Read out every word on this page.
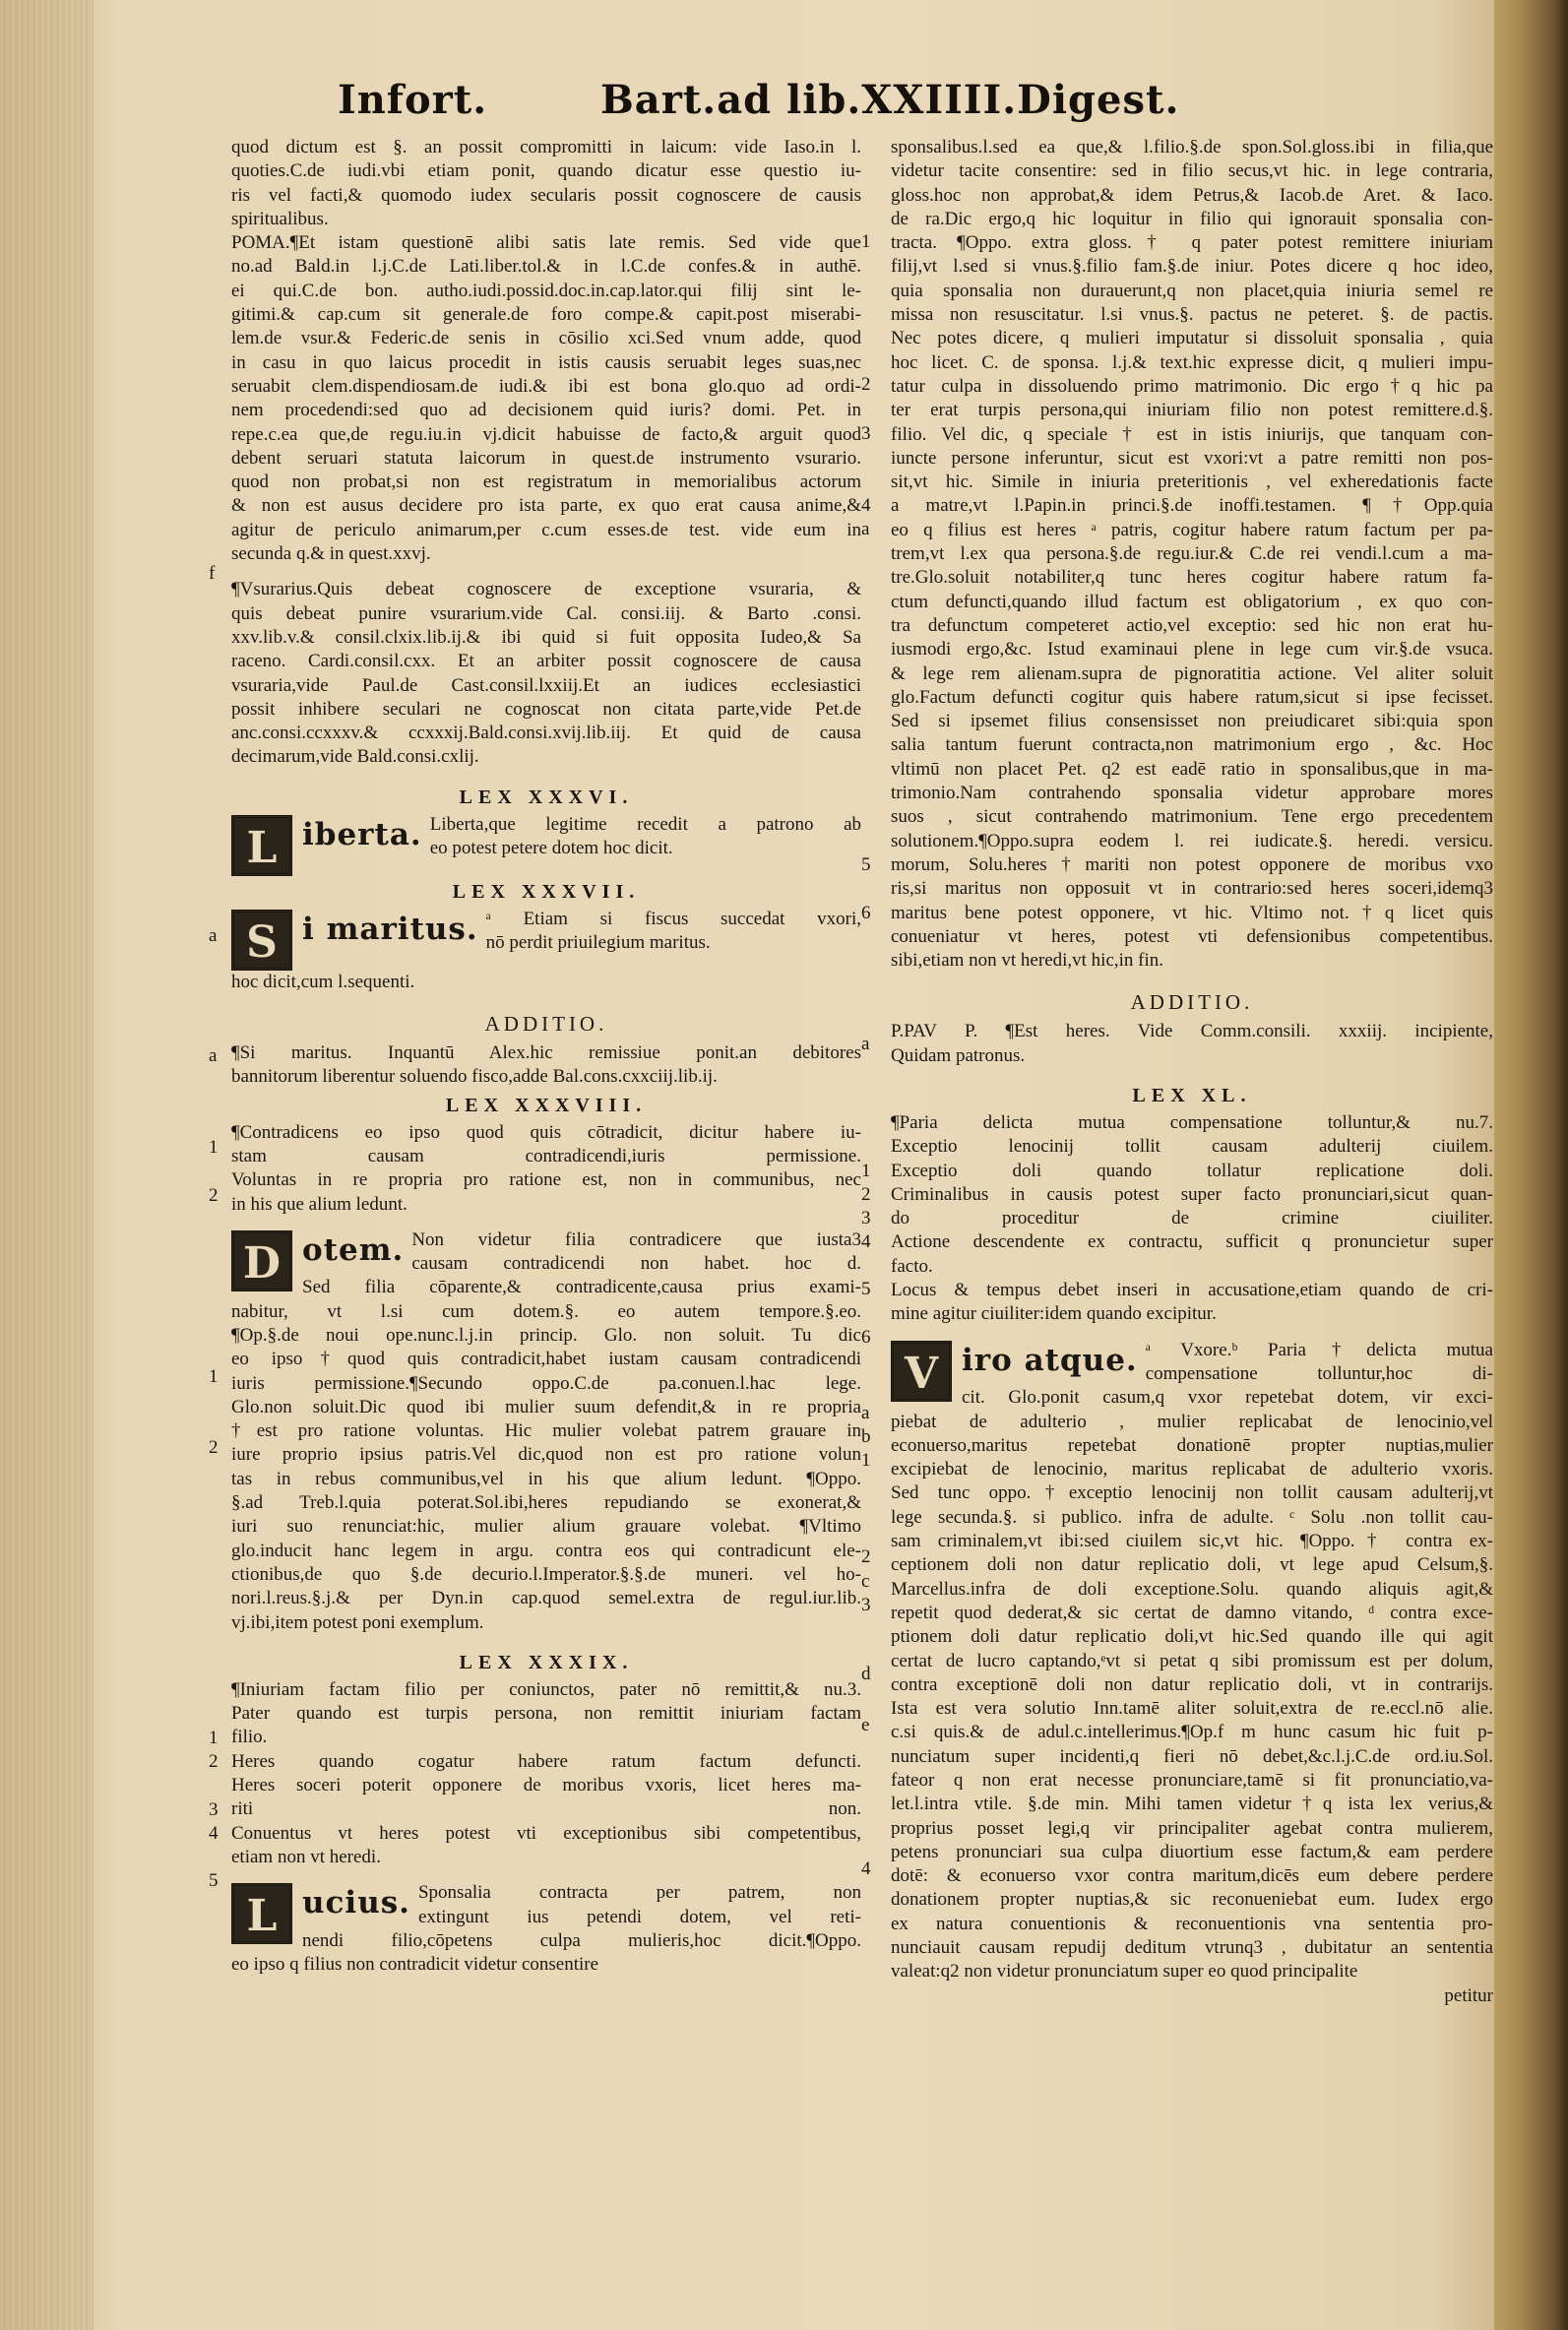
Infort.	Bart.ad lib.XXIIII.Digest.
quod dictum est §. an possit compromitti in laicum: vide Iaso.in l.
quoties.C.de iudi.vbi etiam ponit, quando dicatur esse questio iu-
ris vel facti,& quomodo iudex secularis possit cognoscere de causis
spiritualibus.
POMA.¶Et istam questionē alibi satis late remis. Sed vide que
no.ad Bald.in l.j.C.de Lati.liber.tol.& in l.C.de confes.& in authē.
ei qui.C.de bon. autho.iudi.possid.doc.in.cap.lator.qui filij sint le-
gitimi.& cap.cum sit generale.de foro compe.& capit.post miserabi-
lem.de vsur.& Federic.de senis in cōsilio xci.Sed vnum adde, quod
in casu in quo laicus procedit in istis causis seruabit leges suas,nec
seruabit clem.dispendiosam.de iudi.& ibi est bona glo.quo ad ordi-
nem procedendi:sed quo ad decisionem quid iuris? domi. Pet. in
repe.c.ea que,de regu.iu.in vj.dicit habuisse de facto,& arguit quod
debent seruari statuta laicorum in quest.de instrumento vsurario.
quod non probat,si non est registratum in memorialibus actorum
& non est ausus decidere pro ista parte, ex quo erat causa anime,&
agitur de periculo animarum,per c.cum esses.de test. vide eum in
secunda q.& in quest.xxvj.
¶Vsurarius.Quis debeat cognoscere de exceptione vsuraria, &
quis debeat punire vsurarium.vide Cal. consi.iij. & Barto .consi.
xxv.lib.v.& consil.clxix.lib.ij.& ibi quid si fuit opposita Iudeo,& Sa
raceno. Cardi.consil.cxx. Et an arbiter possit cognoscere de causa
vsuraria,vide Paul.de Cast.consil.lxxiij.Et an iudices ecclesiastici
possit inhibere seculari ne cognoscat non citata parte,vide Pet.de
anc.consi.ccxxxv.& ccxxxij.Bald.consi.xvij.lib.iij. Et quid de causa
decimarum,vide Bald.consi.cxlij.
LEX XXXVI.
L iberta. Liberta,que legitime recedit a patrono ab
eo potest petere dotem hoc dicit.
LEX XXXVII.
S i maritus. ᵃ Etiam si fiscus succedat vxori,
nō perdit priuilegium maritus.
hoc dicit,cum l.sequenti.
ADDITIO.
¶Si maritus. Inquantū Alex.hic remissiue ponit.an debitores
bannitorum liberentur soluendo fisco,adde Bal.cons.cxxciij.lib.ij.
LEX XXXVIII.
¶Contradicens eo ipso quod quis cōtradicit, dicitur habere iu-
stam causam contradicendi,iuris permissione.
Voluntas in re propria pro ratione est, non in communibus, nec
in his que alium ledunt.
D otem. Non videtur filia contradicere que iusta3
causam contradicendi non habet. hoc d.
Sed filia cōparente,& contradicente,causa prius exami-
nabitur, vt l.si cum dotem.§. eo autem tempore.§.eo.
¶Op.§.de noui ope.nunc.l.j.in princip. Glo. non soluit. Tu dic
eo ipso†quod quis contradicit,habet iustam causam contradicendi
iuris permissione.¶Secundo oppo.C.de pa.conuen.l.hac lege.
Glo.non soluit.Dic quod ibi mulier suum defendit,& in re propria
†est pro ratione voluntas. Hic mulier volebat patrem grauare in
iure proprio ipsius patris.Vel dic,quod non est pro ratione volun
tas in rebus communibus,vel in his que alium ledunt. ¶Oppo.
§.ad Treb.l.quia poterat.Sol.ibi,heres repudiando se exonerat,&
iuri suo renunciat:hic, mulier alium grauare volebat. ¶Vltimo
glo.inducit hanc legem in argu. contra eos qui contradicunt ele-
ctionibus,de quo §.de decurio.l.Imperator.§.§.de muneri. vel ho-
nori.l.reus.§.j.& per Dyn.in cap.quod semel.extra de regul.iur.lib.
vj.ibi,item potest poni exemplum.
LEX XXXIX.
¶Iniuriam factam filio per coniunctos, pater nō remittit,& nu.3.
Pater quando est turpis persona, non remittit iniuriam factam
filio.
Heres quando cogatur habere ratum factum defuncti.
Heres soceri poterit opponere de moribus vxoris, licet heres ma-
riti non.
Conuentus vt heres potest vti exceptionibus sibi competentibus,
etiam non vt heredi.
L ucius. Sponsalia contracta per patrem, non
extingunt ius petendi dotem, vel reti-
nendi filio,cōpetens culpa mulieris,hoc dicit.¶Oppo.
eo ipso q filius non contradicit videtur consentire
sponsalibus.l.sed ea que,& l.filio.§.de spon.Sol.gloss.ibi in filia,que
videtur tacite consentire: sed in filio secus,vt hic. in lege contraria,
gloss.hoc non approbat,& idem Petrus,& Iacob.de Aret. & Iaco.
de ra.Dic ergo,q hic loquitur in filio qui ignorauit sponsalia con-
tracta. ¶Oppo. extra gloss.† q pater potest remittere iniuriam
filij,vt l.sed si vnus.§.filio fam.§.de iniur. Potes dicere q hoc ideo,
quia sponsalia non durauerunt,q non placet,quia iniuria semel re
missa non resuscitatur. l.si vnus.§. pactus ne peteret. §. de pactis.
Nec potes dicere, q mulieri imputatur si dissoluit sponsalia , quia
hoc licet. C. de sponsa. l.j.& text.hic expresse dicit, q mulieri impu-
tatur culpa in dissoluendo primo matrimonio. Dic ergo†q hic pa
ter erat turpis persona,qui iniuriam filio non potest remittere.d.§.
filio. Vel dic, q speciale † est in istis iniurijs, que tanquam con-
iuncte persone inferuntur, sicut est vxori:vt a patre remitti non pos-
sit,vt hic. Simile in iniuria preteritionis , vel exheredationis facte
a matre,vt l.Papin.in princi.§.de inoffi.testamen. ¶†Opp.quia
eo q filius est heres ᵃ patris, cogitur habere ratum factum per pa-
trem,vt l.ex qua persona.§.de regu.iur.& C.de rei vendi.l.cum a ma-
tre.Glo.soluit notabiliter,q tunc heres cogitur habere ratum fa-
ctum defuncti,quando illud factum est obligatorium , ex quo con-
tra defunctum competeret actio,vel exceptio: sed hic non erat hu-
iusmodi ergo,&c. Istud examinaui plene in lege cum vir.§.de vsuca.
& lege rem alienam.supra de pignoratitia actione. Vel aliter soluit
glo.Factum defuncti cogitur quis habere ratum,sicut si ipse fecisset.
Sed si ipsemet filius consensisset non preiudicaret sibi:quia spon
salia tantum fuerunt contracta,non matrimonium ergo , &c. Hoc
vltimū non placet Pet. q2 est eadē ratio in sponsalibus,que in ma-
trimonio.Nam contrahendo sponsalia videtur approbare mores
suos , sicut contrahendo matrimonium. Tene ergo precedentem
solutionem.¶Oppo.supra eodem l. rei iudicate.§. heredi. versicu.
morum, Solu.heres†mariti non potest opponere de moribus vxo
ris,si maritus non opposuit vt in contrario:sed heres soceri,idemq3
maritus bene potest opponere, vt hic. Vltimo not.†q licet quis
conueniatur vt heres, potest vti defensionibus competentibus.
sibi,etiam non vt heredi,vt hic,in fin.
ADDITIO.
P.PAV P. ¶Est heres. Vide Comm.consili. xxxiij. incipiente,
Quidam patronus.
LEX XL.
¶Paria delicta mutua compensatione tolluntur,& nu.7.
Exceptio lenocinij tollit causam adulterij ciuilem.
Exceptio doli quando tollatur replicatione doli.
Criminalibus in causis potest super facto pronunciari,sicut quan-
do proceditur de crimine ciuiliter.
Actione descendente ex contractu, sufficit q pronuncietur super
facto.
Locus & tempus debet inseri in accusatione,etiam quando de cri-
mine agitur ciuiliter:idem quando excipitur.
V iro atque. ᵃ Vxore.ᵇ Paria†delicta mutua
compensatione tolluntur,hoc di-
cit. Glo.ponit casum,q vxor repetebat dotem, vir exci-
piebat de adulterio , mulier replicabat de lenocinio,vel
econuerso,maritus repetebat donationē propter nuptias,mulier
excipiebat de lenocinio, maritus replicabat de adulterio vxoris.
Sed tunc oppo.†exceptio lenocinij non tollit causam adulterij,vt
lege secunda.§. si publico. infra de adulte. ᶜ Solu .non tollit cau-
sam criminalem,vt ibi:sed ciuilem sic,vt hic. ¶Oppo.† contra ex-
ceptionem doli non datur replicatio doli, vt lege apud Celsum,§.
Marcellus.infra de doli exceptione.Solu. quando aliquis agit,&
repetit quod dederat,& sic certat de damno vitando, ᵈ contra exce-
ptionem doli datur replicatio doli,vt hic.Sed quando ille qui agit
certat de lucro captando,ᵉvt si petat q sibi promissum est per dolum,
contra exceptionē doli non datur replicatio doli, vt in contrarijs.
Ista est vera solutio Inn.tamē aliter soluit,extra de re.eccl.nō alie.
c.si quis.& de adul.c.intellerimus.¶Op.f m hunc casum hic fuit p-
nunciatum super incidenti,q fieri nō debet,&c.l.j.C.de ord.iu.Sol.
fateor q non erat necesse pronunciare,tamē si fit pronunciatio,va-
let.l.intra vtile. §.de min. Mihi tamen videtur†q ista lex verius,&
proprius posset legi,q vir principaliter agebat contra mulierem,
petens pronunciari sua culpa diuortium esse factum,& eam perdere
dotē: & econuerso vxor contra maritum,dicēs eum debere perdere
donationem propter nuptias,& sic reconueniebat eum. Iudex ergo
ex natura conuentionis & reconuentionis vna sententia pro-
nunciauit causam repudij deditum vtrunq3 , dubitatur an sententia
valeat:q2 non videtur pronunciatum super eo quod principalite
petitur
f
a
a
1
2
1
2
1
2
3
4
5
1
2
3
4
a
5
6
a
1
2
3
4
5
6
a
b
1
2
c
3
d
e
4
